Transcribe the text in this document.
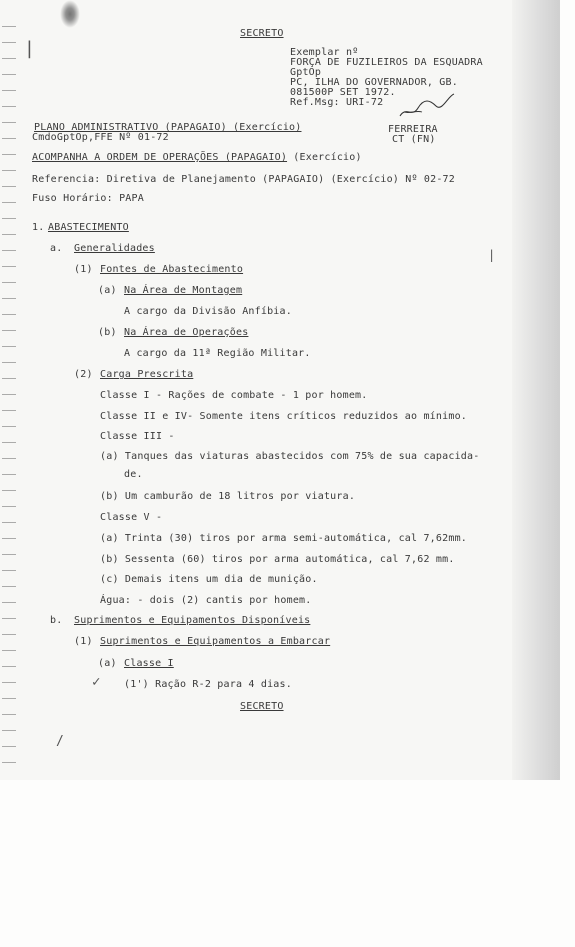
SECRETO
Exemplar nº
FORÇA DE FUZILEIROS DA ESQUADRA
GptOp
PC, ILHA DO GOVERNADOR, GB.
081500P SET 1972.
Ref.Msg: URI-72
PLANO ADMINISTRATIVO (PAPAGAIO) (Exercício)
CmdoGptOp,FFE Nº 01-72
FERREIRA
CT (FN)
ACOMPANHA A ORDEM DE OPERAÇÕES (PAPAGAIO) (Exercício)
Referencia: Diretiva de Planejamento (PAPAGAIO) (Exercício) Nº 02-72
Fuso Horário: PAPA
1. ABASTECIMENTO
a. Generalidades
(1) Fontes de Abastecimento
(a) Na Área de Montagem
A cargo da Divisão Anfíbia.
(b) Na Área de Operações
A cargo da 11ª Região Militar.
(2) Carga Prescrita
Classe I - Rações de combate - 1 por homem.
Classe II e IV- Somente itens críticos reduzidos ao mínimo.
Classe III -
(a) Tanques das viaturas abastecidos com 75% de sua capacida-
de.
(b) Um camburão de 18 litros por viatura.
Classe V -
(a) Trinta (30) tiros por arma semi-automática, cal 7,62mm.
(b) Sessenta (60) tiros por arma automática, cal 7,62 mm.
(c) Demais itens um dia de munição.
Água: - dois (2) cantis por homem.
b. Suprimentos e Equipamentos Disponíveis
(1) Suprimentos e Equipamentos a Embarcar
(a) Classe I
✓ (1') Ração R-2 para 4 dias.
SECRETO
/
|
|
